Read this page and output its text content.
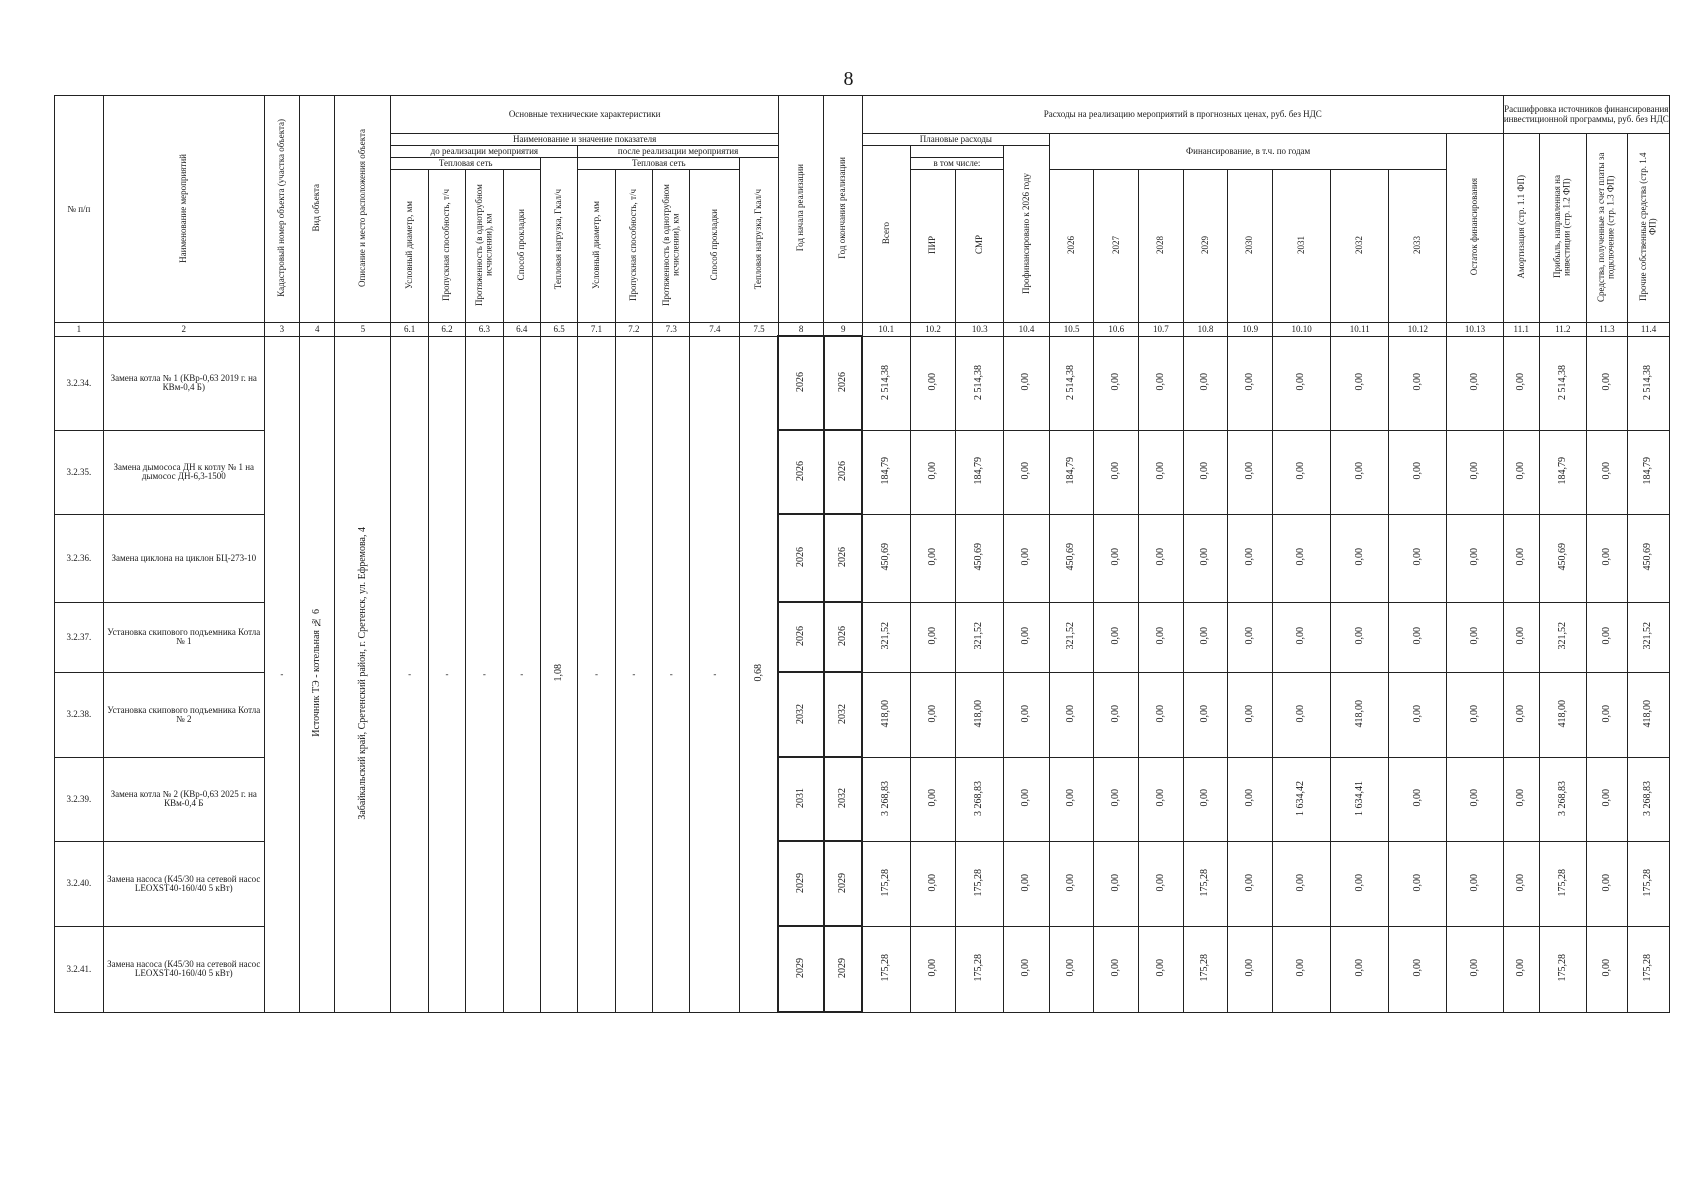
8
№ п/п	Наименование мероприятий	Кадастровый номер объекта (участка объекта)	Вид объекта	Описание и место расположения объекта	Основные технические характеристики										Год начала реализации	Год окончания реализации	Расходы на реализацию мероприятий в прогнозных ценах, руб. без НДС													Расшифровка источников финансирования инвестиционной программы, руб. без НДС			
					Наименование и значение показателя												Плановые расходы				Финансирование, в т.ч. по годам								Остаток финансирования	Амортизация (стр. 1.1 ФП)	Прибыль, направленная на инвестиции (стр. 1.2 ФП)	Средства, полученные за счет платы за подключение (стр. 1.3 ФП)	Прочие собственные средства (стр. 1.4 ФП)
					до реализации мероприятия					после реализации мероприятия							Всего			Профинансировано к 2026 году													
					Тепловая сеть				Тепловая нагрузка, Гкал/ч	Тепловая сеть				Тепловая нагрузка, Гкал/ч				в том числе:															
					Условный диаметр, мм	Пропускная способность, т/ч	Протяженность (в однотрубном исчислении), км	Способ прокладки		Условный диаметр, мм	Пропускная способность, т/ч	Протяженность (в однотрубном исчислении), км	Способ прокладки					ПИР	СМР		2026	2027	2028	2029	2030	2031	2032	2033					
1	2	3	4	5	6.1	6.2	6.3	6.4	6.5	7.1	7.2	7.3	7.4	7.5	8	9	10.1	10.2	10.3	10.4	10.5	10.6	10.7	10.8	10.9	10.10	10.11	10.12	10.13	11.1	11.2	11.3	11.4
3.2.34.	Замена котла № 1 (КВр-0,63 2019 г. на КВм-0,4 Б)	-	Источник ТЭ - котельная № 6	Забайкальский край, Сретенский район, г. Сретенск, ул. Ефремова, 4	-	-	-	-	1,08	-	-	-	-	0,68	2026	2026	2 514,38	0,00	2 514,38	0,00	2 514,38	0,00	0,00	0,00	0,00	0,00	0,00	0,00	0,00	0,00	2 514,38	0,00	2 514,38
3.2.35.	Замена дымососа ДН к котлу № 1 на дымосос ДН-6,3-1500														2026	2026	184,79	0,00	184,79	0,00	184,79	0,00	0,00	0,00	0,00	0,00	0,00	0,00	0,00	0,00	184,79	0,00	184,79
3.2.36.	Замена циклона на циклон БЦ-273-10														2026	2026	450,69	0,00	450,69	0,00	450,69	0,00	0,00	0,00	0,00	0,00	0,00	0,00	0,00	0,00	450,69	0,00	450,69
3.2.37.	Установка скипового подъемника Котла № 1														2026	2026	321,52	0,00	321,52	0,00	321,52	0,00	0,00	0,00	0,00	0,00	0,00	0,00	0,00	0,00	321,52	0,00	321,52
3.2.38.	Установка скипового подъемника Котла № 2														2032	2032	418,00	0,00	418,00	0,00	0,00	0,00	0,00	0,00	0,00	0,00	418,00	0,00	0,00	0,00	418,00	0,00	418,00
3.2.39.	Замена котла № 2 (КВр-0,63 2025 г. на КВм-0,4 Б														2031	2032	3 268,83	0,00	3 268,83	0,00	0,00	0,00	0,00	0,00	0,00	1 634,42	1 634,41	0,00	0,00	0,00	3 268,83	0,00	3 268,83
3.2.40.	Замена насоса (К45/30 на сетевой насос LEOXST40-160/40 5 кВт)														2029	2029	175,28	0,00	175,28	0,00	0,00	0,00	0,00	175,28	0,00	0,00	0,00	0,00	0,00	0,00	175,28	0,00	175,28
3.2.41.	Замена насоса (К45/30 на сетевой насос LEOXST40-160/40 5 кВт)														2029	2029	175,28	0,00	175,28	0,00	0,00	0,00	0,00	175,28	0,00	0,00	0,00	0,00	0,00	0,00	175,28	0,00	175,28
